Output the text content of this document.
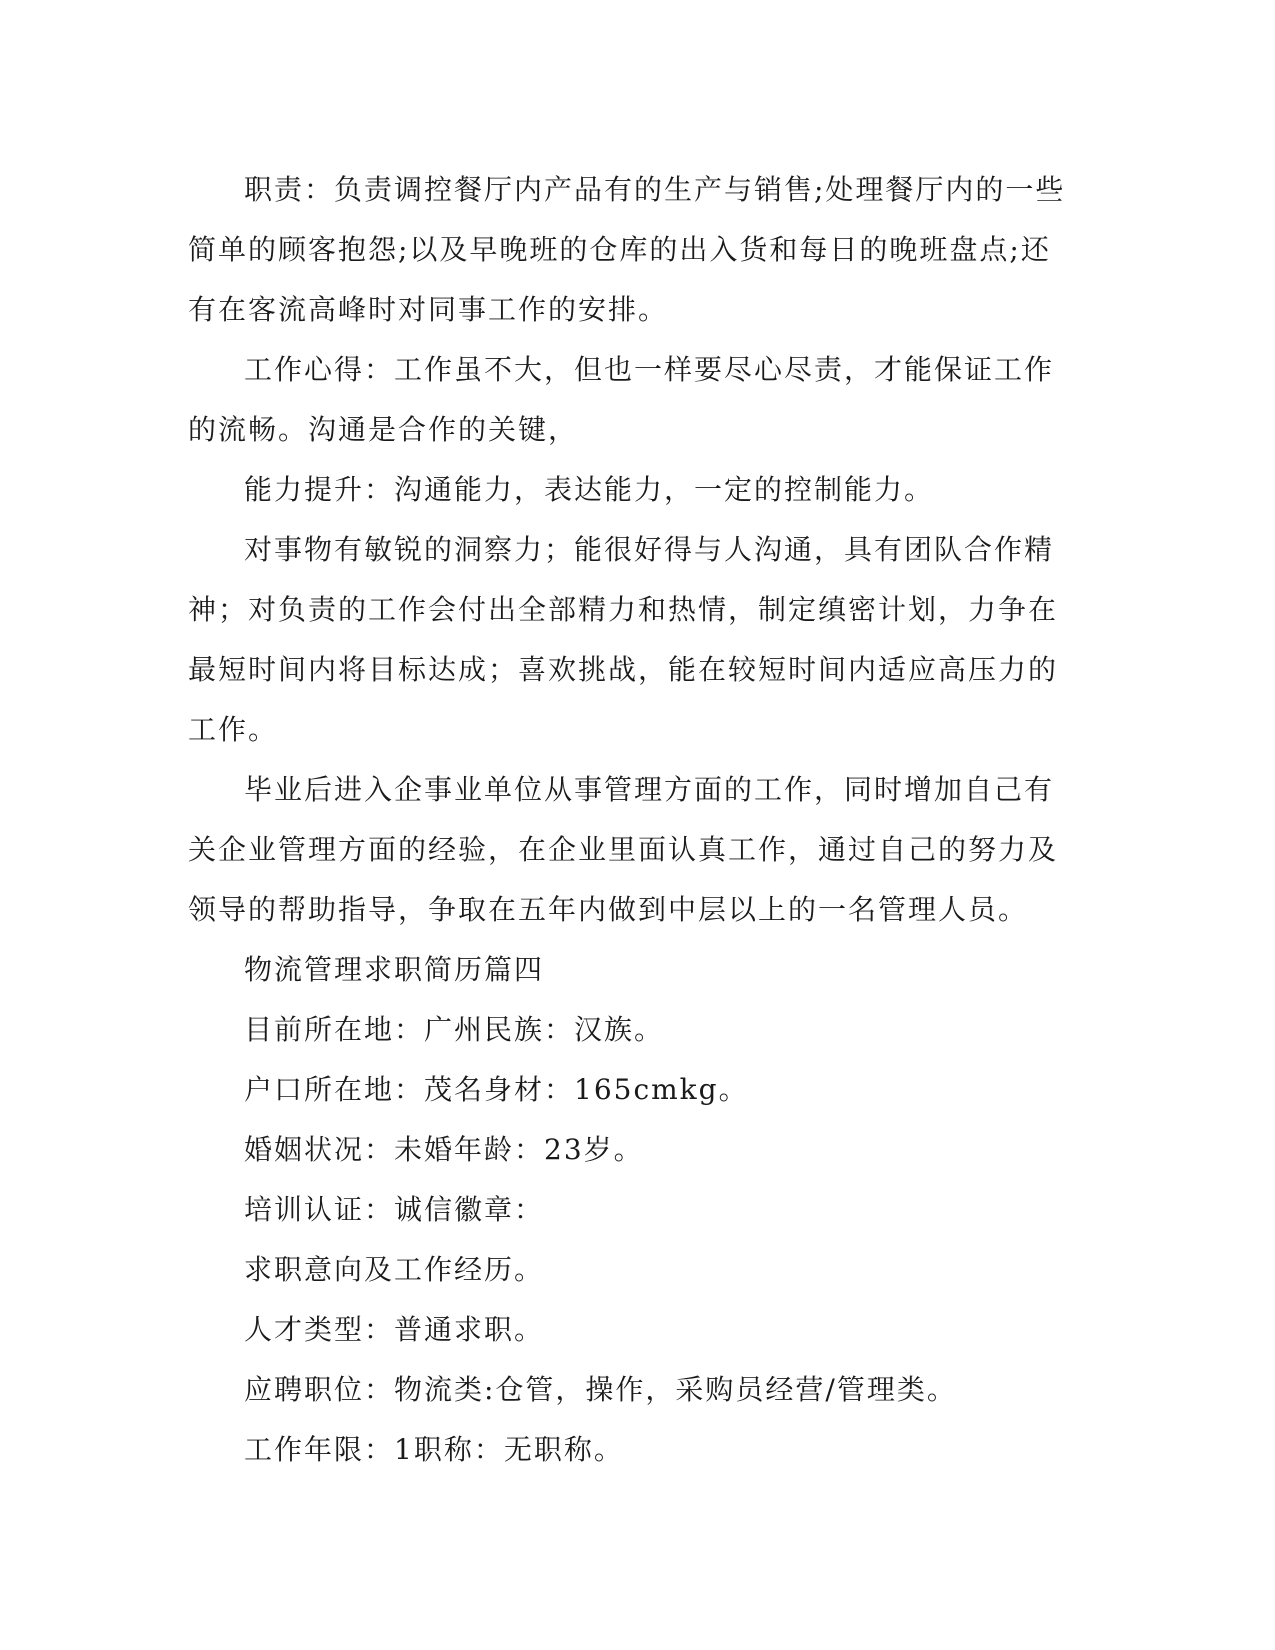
职责：负责调控餐厅内产品有的生产与销售;处理餐厅内的一些简单的顾客抱怨;以及早晚班的仓库的出入货和每日的晚班盘点;还有在客流高峰时对同事工作的安排。

工作心得：工作虽不大，但也一样要尽心尽责，才能保证工作的流畅。沟通是合作的关键，

能力提升：沟通能力，表达能力，一定的控制能力。

对事物有敏锐的洞察力；能很好得与人沟通，具有团队合作精神；对负责的工作会付出全部精力和热情，制定缜密计划，力争在最短时间内将目标达成；喜欢挑战，能在较短时间内适应高压力的工作。

毕业后进入企事业单位从事管理方面的工作，同时增加自己有关企业管理方面的经验，在企业里面认真工作，通过自己的努力及领导的帮助指导，争取在五年内做到中层以上的一名管理人员。

物流管理求职简历篇四

目前所在地：广州民族：汉族。

户口所在地：茂名身材：165cmkg。

婚姻状况：未婚年龄：23岁。

培训认证：诚信徽章：

求职意向及工作经历。

人才类型：普通求职。

应聘职位：物流类:仓管，操作，采购员经营/管理类。

工作年限：1职称：无职称。
